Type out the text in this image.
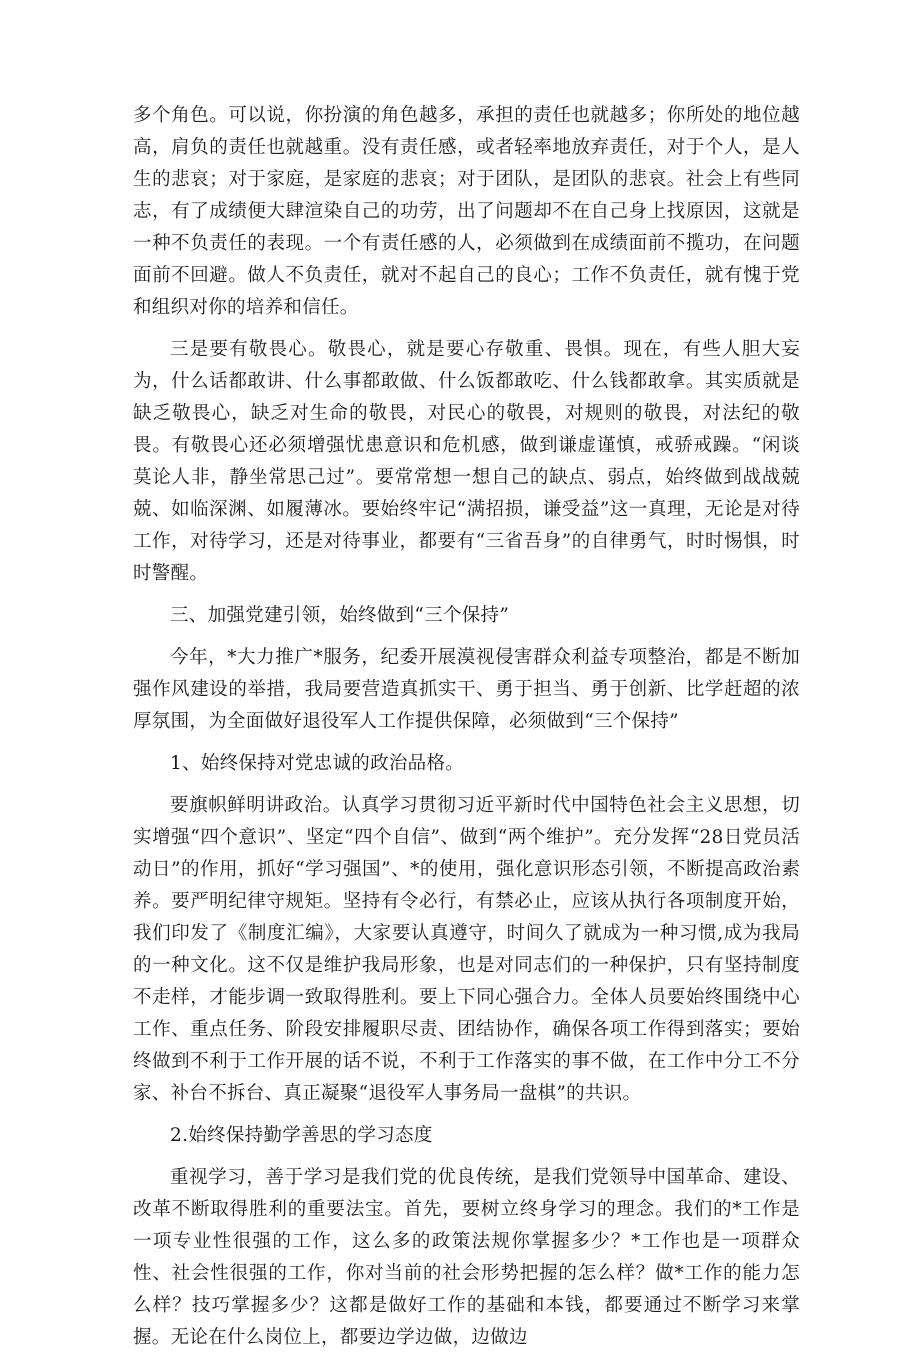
多个角色。可以说，你扮演的角色越多，承担的责任也就越多；你所处的地位越高，肩负的责任也就越重。没有责任感，或者轻率地放弃责任，对于个人，是人生的悲哀；对于家庭，是家庭的悲哀；对于团队，是团队的悲哀。社会上有些同志，有了成绩便大肆渲染自己的功劳，出了问题却不在自己身上找原因，这就是一种不负责任的表现。一个有责任感的人，必须做到在成绩面前不揽功，在问题面前不回避。做人不负责任，就对不起自己的良心；工作不负责任，就有愧于党和组织对你的培养和信任。

三是要有敬畏心。敬畏心，就是要心存敬重、畏惧。现在，有些人胆大妄为，什么话都敢讲、什么事都敢做、什么饭都敢吃、什么钱都敢拿。其实质就是缺乏敬畏心，缺乏对生命的敬畏，对民心的敬畏，对规则的敬畏，对法纪的敬畏。有敬畏心还必须增强忧患意识和危机感，做到谦虚谨慎，戒骄戒躁。“闲谈莫论人非，静坐常思己过”。要常常想一想自己的缺点、弱点，始终做到战战兢兢、如临深渊、如履薄冰。要始终牢记“满招损，谦受益”这一真理，无论是对待工作，对待学习，还是对待事业，都要有“三省吾身”的自律勇气，时时惕惧，时时警醒。

三、加强党建引领，始终做到“三个保持”

今年，*大力推广*服务，纪委开展漠视侵害群众利益专项整治，都是不断加强作风建设的举措，我局要营造真抓实干、勇于担当、勇于创新、比学赶超的浓厚氛围，为全面做好退役军人工作提供保障，必须做到“三个保持”

1、始终保持对党忠诚的政治品格。

要旗帜鲜明讲政治。认真学习贯彻习近平新时代中国特色社会主义思想，切实增强“四个意识”、坚定“四个自信”、做到“两个维护”。充分发挥“28日党员活动日”的作用，抓好“学习强国”、*的使用，强化意识形态引领，不断提高政治素养。要严明纪律守规矩。坚持有令必行，有禁必止，应该从执行各项制度开始，我们印发了《制度汇编》，大家要认真遵守，时间久了就成为一种习惯,成为我局的一种文化。这不仅是维护我局形象，也是对同志们的一种保护，只有坚持制度不走样，才能步调一致取得胜利。要上下同心强合力。全体人员要始终围绕中心工作、重点任务、阶段安排履职尽责、团结协作，确保各项工作得到落实；要始终做到不利于工作开展的话不说，不利于工作落实的事不做，在工作中分工不分家、补台不拆台、真正凝聚“退役军人事务局一盘棋”的共识。

2.始终保持勤学善思的学习态度

重视学习，善于学习是我们党的优良传统，是我们党领导中国革命、建设、改革不断取得胜利的重要法宝。首先，要树立终身学习的理念。我们的*工作是一项专业性很强的工作，这么多的政策法规你掌握多少？*工作也是一项群众性、社会性很强的工作，你对当前的社会形势把握的怎么样？做*工作的能力怎么样？技巧掌握多少？这都是做好工作的基础和本钱，都要通过不断学习来掌握。无论在什么岗位上，都要边学边做，边做边
